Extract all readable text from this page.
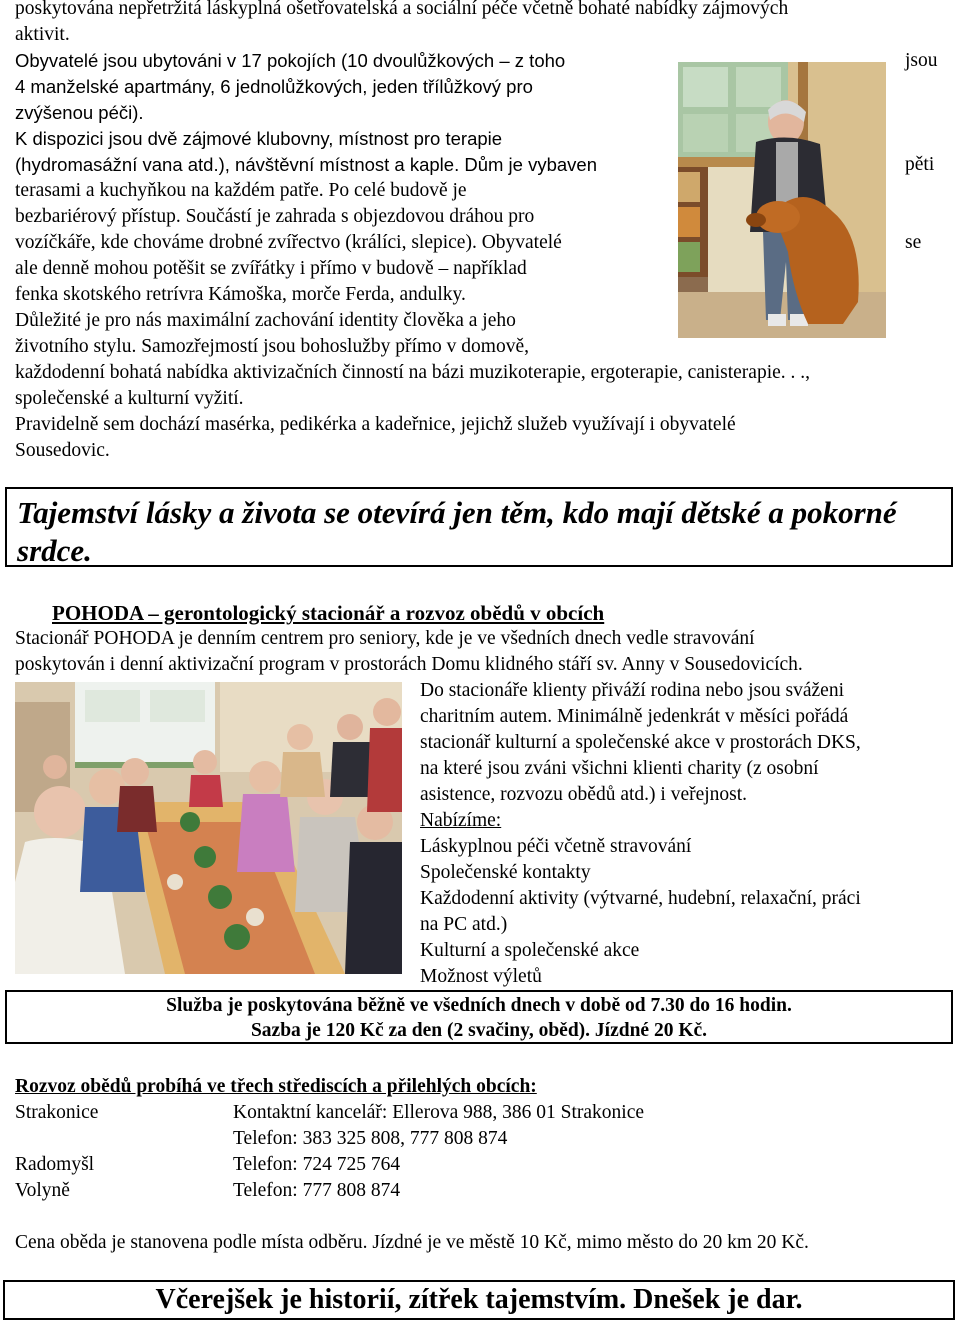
poskytována nepřetržitá láskyplná ošetřovatelská a sociální péče včetně bohaté nabídky zájmových
aktivit.
Obyvatelé jsou ubytováni v 17 pokojích (10 dvoulůžkových – z toho
4 manželské apartmány, 6 jednolůžkových, jeden třílůžkový pro
zvýšenou péči).
K dispozici jsou dvě zájmové klubovny, místnost pro terapie
(hydromasážní vana atd.), návštěvní místnost a kaple. Dům je vybaven
terasami a kuchyňkou na každém patře. Po celé budově je
bezbariérový přístup. Součástí je zahrada s objezdovou dráhou pro
vozíčkáře, kde chováme drobné zvířectvo (králíci, slepice). Obyvatelé
ale denně mohou potěšit se zvířátky i přímo v budově – například
fenka skotského retrívra Kámoška, morče Ferda, andulky.
Důležité je pro nás maximální zachování identity člověka a jeho
životního stylu. Samozřejmostí jsou bohoslužby přímo v domově,
každodenní bohatá nabídka aktivizačních činností na bázi muzikoterapie, ergoterapie, canisterapie. . .,
společenské a kulturní vyžití.
Pravidelně sem dochází masérka, pedikérka a kadeřnice, jejichž služeb využívají i obyvatelé
Sousedovic.
jsou
pěti
se
Tajemství lásky a života se otevírá jen těm, kdo mají dětské a pokorné srdce.
POHODA – gerontologický stacionář a rozvoz obědů v obcích
Stacionář POHODA je denním centrem pro seniory, kde je ve všedních dnech vedle stravování
poskytován i denní aktivizační program v prostorách Domu klidného stáří sv. Anny v Sousedovicích.
Do stacionáře klienty přiváží rodina nebo jsou sváženi
charitním autem. Minimálně jedenkrát v měsíci pořádá
stacionář kulturní a společenské akce v prostorách DKS,
na které jsou zváni všichni klienti charity (z osobní
asistence, rozvozu obědů atd.) i veřejnost.
Nabízíme:
Láskyplnou péči včetně stravování
Společenské kontakty
Každodenní aktivity (výtvarné, hudební, relaxační, práci
na PC atd.)
Kulturní a společenské akce
Možnost výletů
Služba je poskytována běžně ve všedních dnech v době od 7.30 do 16 hodin.
Sazba je 120 Kč za den (2 svačiny, oběd). Jízdné 20 Kč.
Rozvoz obědů probíhá ve třech střediscích a přilehlých obcích:
Strakonice	Kontaktní kancelář: Ellerova 988, 386 01 Strakonice
Telefon: 383 325 808, 777 808 874
Radomyšl	Telefon: 724 725 764
Volyně	Telefon: 777 808 874
Cena oběda je stanovena podle místa odběru. Jízdné je ve městě 10 Kč, mimo město do 20 km 20 Kč.
Včerejšek je historií, zítřek tajemstvím. Dnešek je dar.
